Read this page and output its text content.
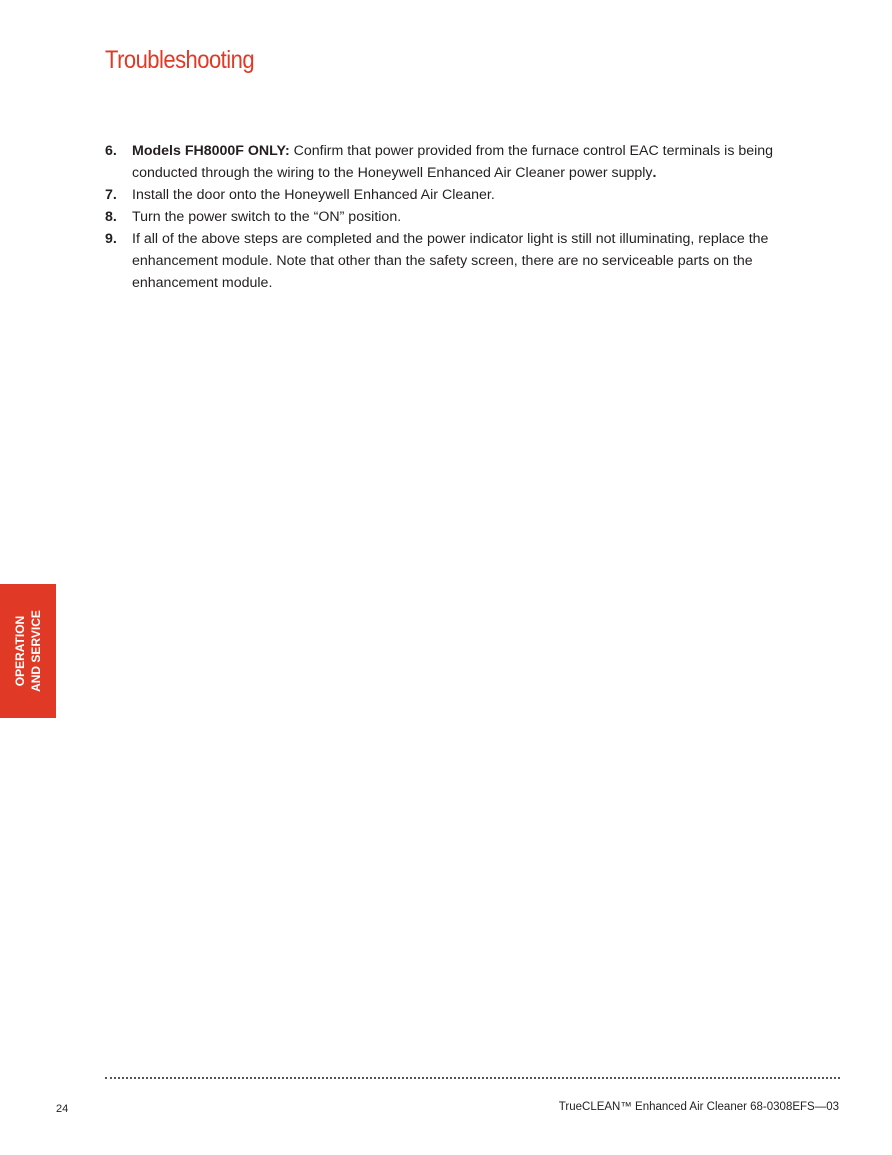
Troubleshooting
6. Models FH8000F ONLY: Confirm that power provided from the furnace control EAC terminals is being conducted through the wiring to the Honeywell Enhanced Air Cleaner power supply.
7. Install the door onto the Honeywell Enhanced Air Cleaner.
8. Turn the power switch to the “ON” position.
9. If all of the above steps are completed and the power indicator light is still not illuminating, replace the enhancement module. Note that other than the safety screen, there are no serviceable parts on the enhancement module.
OPERATION AND SERVICE
24	TrueCLEAN™ Enhanced Air Cleaner 68-0308EFS—03
